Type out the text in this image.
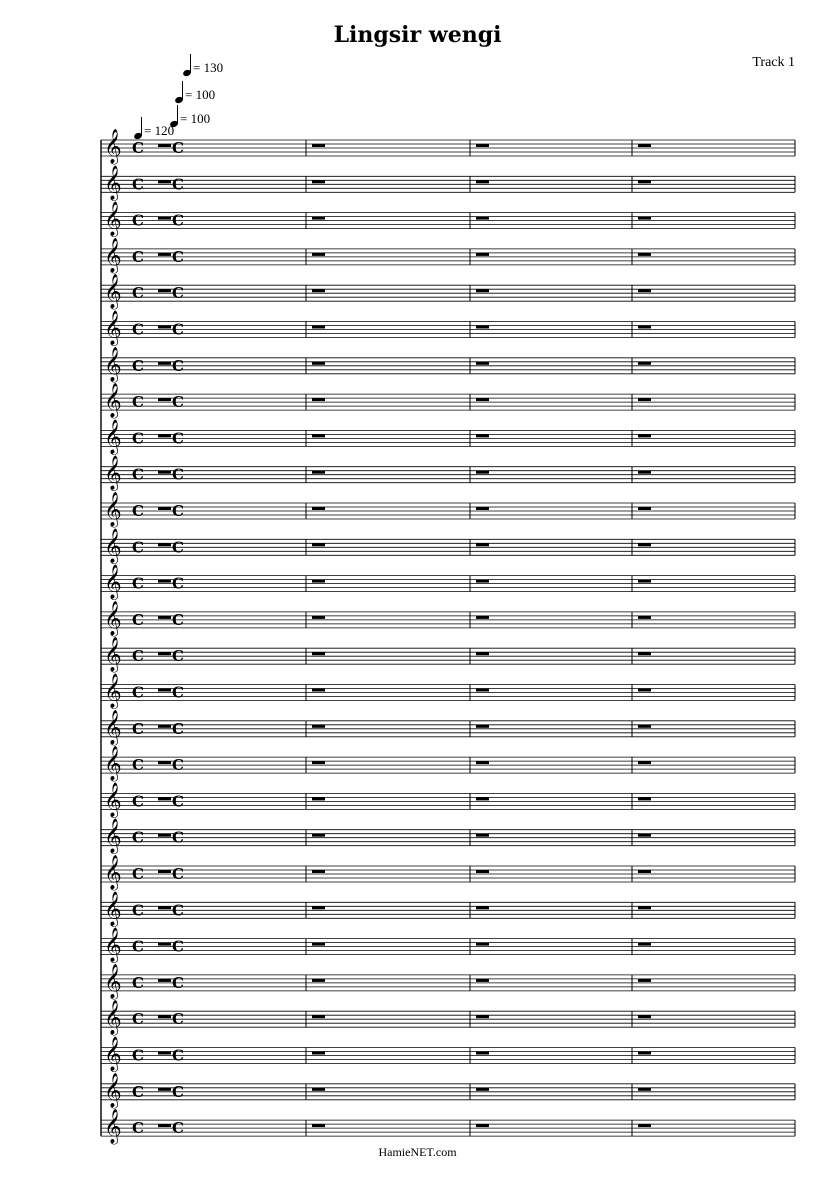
Lingsir wengi
Track 1
= 130
= 100
= 100
= 120
𝄞 C C
𝄞 C C
𝄞 C C
𝄞 C C
𝄞 C C
𝄞 C C
𝄞 C C
𝄞 C C
𝄞 C C
𝄞 C C
𝄞 C C
𝄞 C C
𝄞 C C
𝄞 C C
𝄞 C C
𝄞 C C
𝄞 C C
𝄞 C C
𝄞 C C
𝄞 C C
𝄞 C C
𝄞 C C
𝄞 C C
𝄞 C C
𝄞 C C
𝄞 C C
𝄞 C C
𝄞 C C
HamieNET.com
